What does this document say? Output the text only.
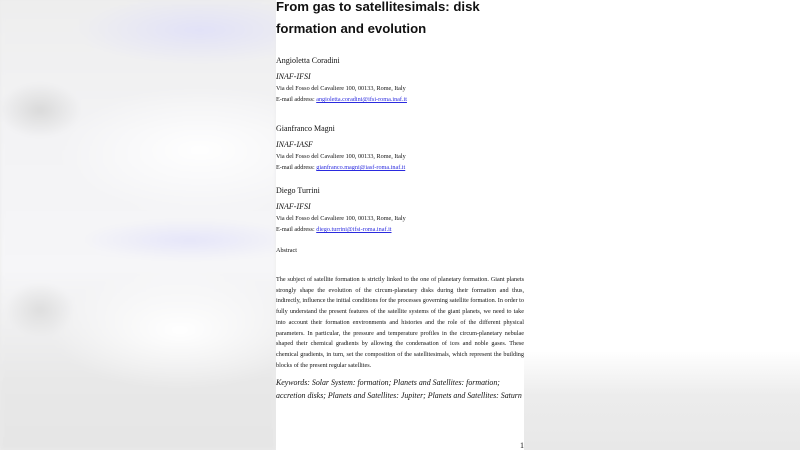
From gas to satellitesimals: disk formation and evolution
Angioletta Coradini
INAF-IFSI
Via del Fosso del Cavaliere 100, 00133, Rome, Italy
E-mail address: angioletta.coradini@ifsi-roma.inaf.it
Gianfranco Magni
INAF-IASF
Via del Fosso del Cavaliere 100, 00133, Rome, Italy
E-mail address: gianfranco.magni@iasf-roma.inaf.it
Diego Turrini
INAF-IFSI
Via del Fosso del Cavaliere 100, 00133, Rome, Italy
E-mail address: diego.turrini@ifsi-roma.inaf.it
Abstract

The subject of satellite formation is strictly linked to the one of planetary formation. Giant planets strongly shape the evolution of the circum-planetary disks during their formation and thus, indirectly, influence the initial conditions for the processes governing satellite formation. In order to fully understand the present features of the satellite systems of the giant planets, we need to take into account their formation environments and histories and the role of the different physical parameters. In particular, the pressure and temperature profiles in the circum-planetary nebulae shaped their chemical gradients by allowing the condensation of ices and noble gases. These chemical gradients, in turn, set the composition of the satellitesimals, which represent the building blocks of the present regular satellites.

Keywords: Solar System: formation; Planets and Satellites: formation; accretion disks; Planets and Satellites: Jupiter; Planets and Satellites: Saturn

1
